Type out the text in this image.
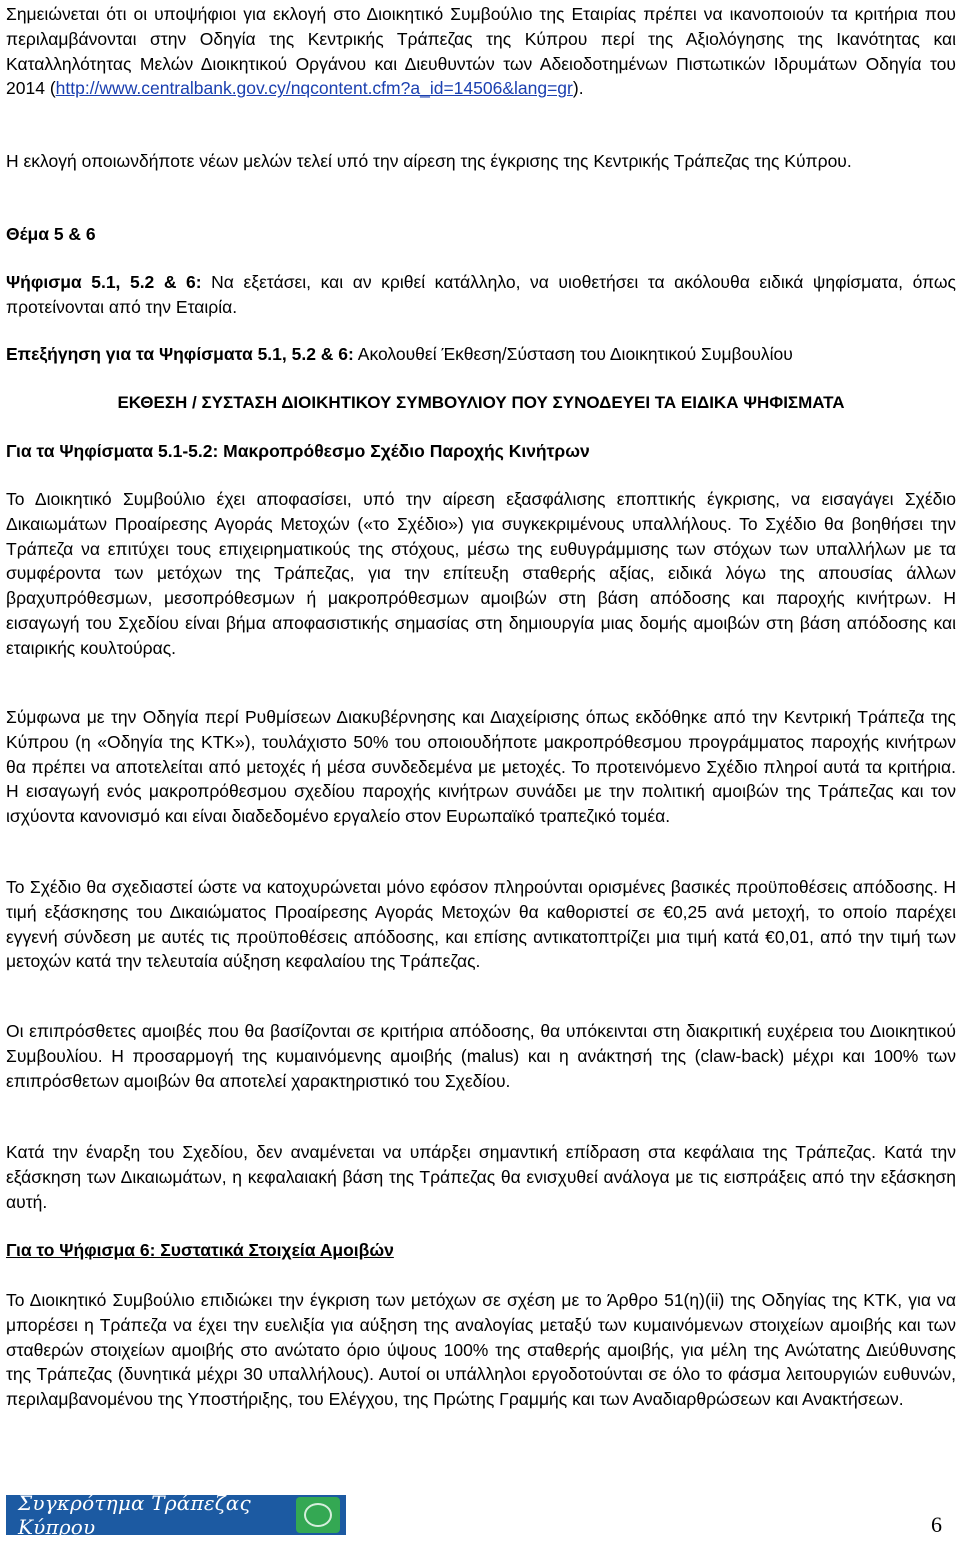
Σημειώνεται ότι οι υποψήφιοι για εκλογή στο Διοικητικό Συμβούλιο της Εταιρίας πρέπει να ικανοποιούν τα κριτήρια που περιλαμβάνονται στην Οδηγία της Κεντρικής Τράπεζας της Κύπρου περί της Αξιολόγησης της Ικανότητας και Καταλληλότητας Μελών Διοικητικού Οργάνου και Διευθυντών των Αδειοδοτημένων Πιστωτικών Ιδρυμάτων Οδηγία του 2014 (http://www.centralbank.gov.cy/nqcontent.cfm?a_id=14506&lang=gr).

Η εκλογή οποιωνδήποτε νέων μελών τελεί υπό την αίρεση της έγκρισης της Κεντρικής Τράπεζας της Κύπρου.

Θέμα 5 & 6

Ψήφισμα 5.1, 5.2 & 6: Να εξετάσει, και αν κριθεί κατάλληλο, να υιοθετήσει τα ακόλουθα ειδικά ψηφίσματα, όπως προτείνονται από την Εταιρία.

Επεξήγηση για τα Ψηφίσματα 5.1, 5.2 & 6: Ακολουθεί Έκθεση/Σύσταση του Διοικητικού Συμβουλίου

ΕΚΘΕΣΗ / ΣΥΣΤΑΣΗ ΔΙΟΙΚΗΤΙΚΟΥ ΣΥΜΒΟΥΛΙΟΥ ΠΟΥ ΣΥΝΟΔΕΥΕΙ ΤΑ ΕΙΔΙΚΑ ΨΗΦΙΣΜΑΤΑ

Για τα Ψηφίσματα 5.1-5.2: Μακροπρόθεσμο Σχέδιο Παροχής Κινήτρων

Το Διοικητικό Συμβούλιο έχει αποφασίσει, υπό την αίρεση εξασφάλισης εποπτικής έγκρισης, να εισαγάγει Σχέδιο Δικαιωμάτων Προαίρεσης Αγοράς Μετοχών («το Σχέδιο») για συγκεκριμένους υπαλλήλους. Το Σχέδιο θα βοηθήσει την Τράπεζα να επιτύχει τους επιχειρηματικούς της στόχους, μέσω της ευθυγράμμισης των στόχων των υπαλλήλων με τα συμφέροντα των μετόχων της Τράπεζας, για την επίτευξη σταθερής αξίας, ειδικά λόγω της απουσίας άλλων βραχυπρόθεσμων, μεσοπρόθεσμων ή μακροπρόθεσμων αμοιβών στη βάση απόδοσης και παροχής κινήτρων. Η εισαγωγή του Σχεδίου είναι βήμα αποφασιστικής σημασίας στη δημιουργία μιας δομής αμοιβών στη βάση απόδοσης και εταιρικής κουλτούρας.

Σύμφωνα με την Οδηγία περί Ρυθμίσεων Διακυβέρνησης και Διαχείρισης όπως εκδόθηκε από την Κεντρική Τράπεζα της Κύπρου (η «Οδηγία της ΚΤΚ»), τουλάχιστο 50% του οποιουδήποτε μακροπρόθεσμου προγράμματος παροχής κινήτρων θα πρέπει να αποτελείται από μετοχές ή μέσα συνδεδεμένα με μετοχές. Το προτεινόμενο Σχέδιο πληροί αυτά τα κριτήρια. Η εισαγωγή ενός μακροπρόθεσμου σχεδίου παροχής κινήτρων συνάδει με την πολιτική αμοιβών της Τράπεζας και τον ισχύοντα κανονισμό και είναι διαδεδομένο εργαλείο στον Ευρωπαϊκό τραπεζικό τομέα.

Το Σχέδιο θα σχεδιαστεί ώστε να κατοχυρώνεται μόνο εφόσον πληρούνται ορισμένες βασικές προϋποθέσεις απόδοσης. Η τιμή εξάσκησης του Δικαιώματος Προαίρεσης Αγοράς Μετοχών θα καθοριστεί σε €0,25 ανά μετοχή, το οποίο παρέχει εγγενή σύνδεση με αυτές τις προϋποθέσεις απόδοσης, και επίσης αντικατοπτρίζει μια τιμή κατά €0,01, από την τιμή των μετοχών κατά την τελευταία αύξηση κεφαλαίου της Τράπεζας.

Οι επιπρόσθετες αμοιβές που θα βασίζονται σε κριτήρια απόδοσης, θα υπόκεινται στη διακριτική ευχέρεια του Διοικητικού Συμβουλίου. Η προσαρμογή της κυμαινόμενης αμοιβής (malus) και η ανάκτησή της (claw-back) μέχρι και 100% των επιπρόσθετων αμοιβών θα αποτελεί χαρακτηριστικό του Σχεδίου.

Κατά την έναρξη του Σχεδίου, δεν αναμένεται να υπάρξει σημαντική επίδραση στα κεφάλαια της Τράπεζας. Κατά την εξάσκηση των Δικαιωμάτων, η κεφαλαιακή βάση της Τράπεζας θα ενισχυθεί ανάλογα με τις εισπράξεις από την εξάσκηση αυτή.

Για το Ψήφισμα 6: Συστατικά Στοιχεία Αμοιβών

Το Διοικητικό Συμβούλιο επιδιώκει την έγκριση των μετόχων σε σχέση με το Άρθρο 51(η)(ii) της Οδηγίας της ΚΤΚ, για να μπορέσει η Τράπεζα να έχει την ευελιξία για αύξηση της αναλογίας μεταξύ των κυμαινόμενων στοιχείων αμοιβής και των σταθερών στοιχείων αμοιβής στο ανώτατο όριο ύψους 100% της σταθερής αμοιβής, για μέλη της Ανώτατης Διεύθυνσης της Τράπεζας (δυνητικά μέχρι 30 υπαλλήλους). Αυτοί οι υπάλληλοι εργοδοτούνται σε όλο το φάσμα λειτουργιών ευθυνών, περιλαμβανομένου της Υποστήριξης, του Ελέγχου, της Πρώτης Γραμμής και των Αναδιαρθρώσεων και Ανακτήσεων.

Συγκρότημα Τράπεζας Κύπρου	6
